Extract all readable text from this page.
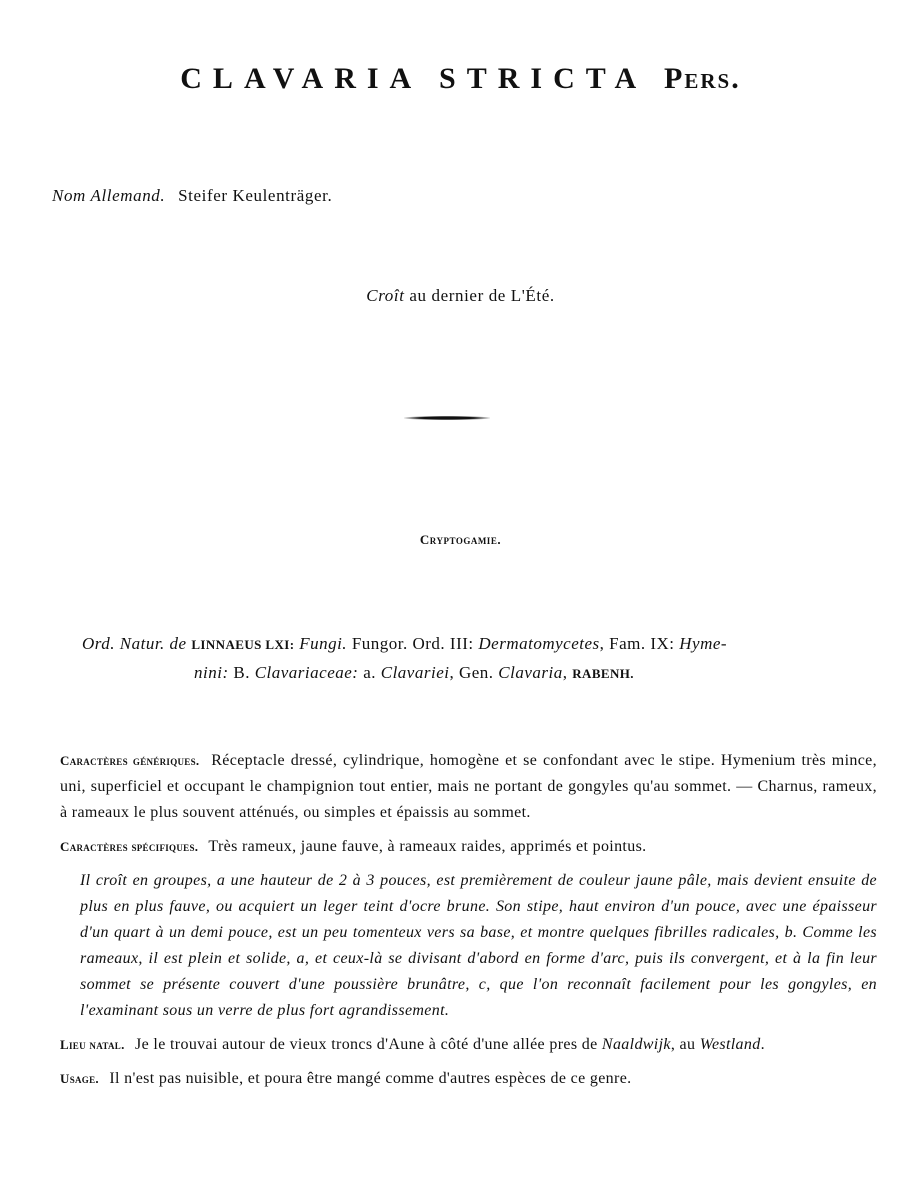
CLAVARIA STRICTA Pers.
Nom Allemand. Steifer Keulenträger.
Croît au dernier de L'Été.
Cryptogamie.
Ord. Natur. de LINNAEUS LXI: Fungi. Fungor. Ord. III: Dermatomycetes, Fam. IX: Hyme-
nini: B. Clavariaceae: a. Clavariei, Gen. Clavaria, RABENH.

Caractères génériques. Réceptacle dressé, cylindrique, homogène et se confondant avec le stipe. Hymenium très mince, uni, superficiel et occupant le champignion tout entier, mais ne portant de gongyles qu'au sommet. — Charnus, rameux, à rameaux le plus souvent atténués, ou simples et épaissis au sommet.

Caractères spécifiques. Très rameux, jaune fauve, à rameaux raides, apprimés et pointus.

Il croît en groupes, a une hauteur de 2 à 3 pouces, est premièrement de couleur jaune pâle, mais devient ensuite de plus en plus fauve, ou acquiert un leger teint d'ocre brune. Son stipe, haut environ d'un pouce, avec une épaisseur d'un quart à un demi pouce, est un peu tomenteux vers sa base, et montre quelques fibrilles radicales, b. Comme les rameaux, il est plein et solide, a, et ceux-là se divisant d'abord en forme d'arc, puis ils convergent, et à la fin leur sommet se présente couvert d'une poussière brunâtre, c, que l'on reconnaît facilement pour les gongyles, en l'examinant sous un verre de plus fort agrandissement.

Lieu natal. Je le trouvai autour de vieux troncs d'Aune à côté d'une allée pres de Naaldwijk, au Westland.

Usage. Il n'est pas nuisible, et poura être mangé comme d'autres espèces de ce genre.
